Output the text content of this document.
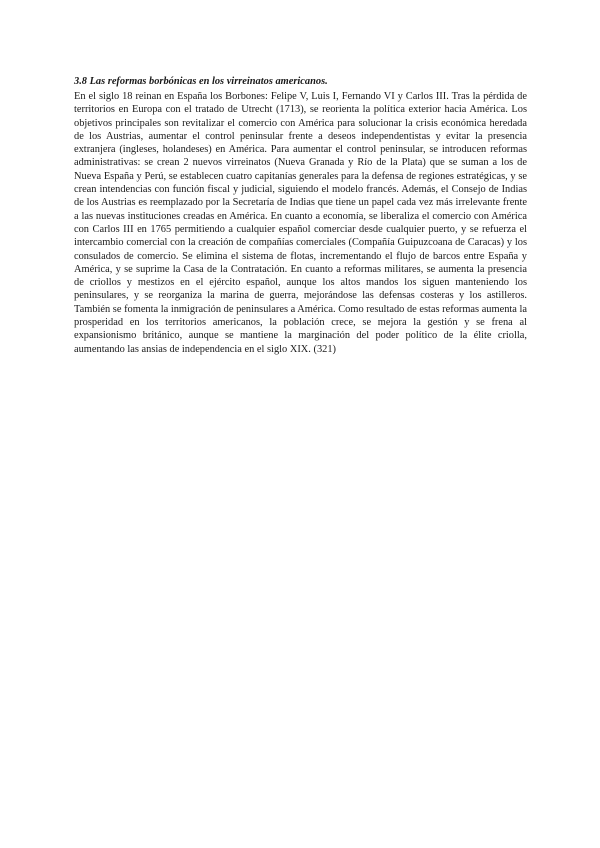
3.8 Las reformas borbónicas en los virreinatos americanos.

En el siglo 18 reinan en España los Borbones: Felipe V, Luis I, Fernando VI y Carlos III. Tras la pérdida de territorios en Europa con el tratado de Utrecht (1713), se reorienta la política exterior hacia América. Los objetivos principales son revitalizar el comercio con América para solucionar la crisis económica heredada de los Austrias, aumentar el control peninsular frente a deseos independentistas y evitar la presencia extranjera (ingleses, holandeses) en América. Para aumentar el control peninsular, se introducen reformas administrativas: se crean 2 nuevos virreinatos (Nueva Granada y Río de la Plata) que se suman a los de Nueva España y Perú, se establecen cuatro capitanías generales para la defensa de regiones estratégicas, y se crean intendencias con función fiscal y judicial, siguiendo el modelo francés. Además, el Consejo de Indias de los Austrias es reemplazado por la Secretaría de Indias que tiene un papel cada vez más irrelevante frente a las nuevas instituciones creadas en América. En cuanto a economía, se liberaliza el comercio con América con Carlos III en 1765 permitiendo a cualquier español comerciar desde cualquier puerto, y se refuerza el intercambio comercial con la creación de compañías comerciales (Compañía Guipuzcoana de Caracas) y los consulados de comercio. Se elimina el sistema de flotas, incrementando el flujo de barcos entre España y América, y se suprime la Casa de la Contratación. En cuanto a reformas militares, se aumenta la presencia de criollos y mestizos en el ejército español, aunque los altos mandos los siguen manteniendo los peninsulares, y se reorganiza la marina de guerra, mejorándose las defensas costeras y los astilleros. También se fomenta la inmigración de peninsulares a América. Como resultado de estas reformas aumenta la prosperidad en los territorios americanos, la población crece, se mejora la gestión y se frena al expansionismo británico, aunque se mantiene la marginación del poder político de la élite criolla, aumentando las ansias de independencia en el siglo XIX. (321)
